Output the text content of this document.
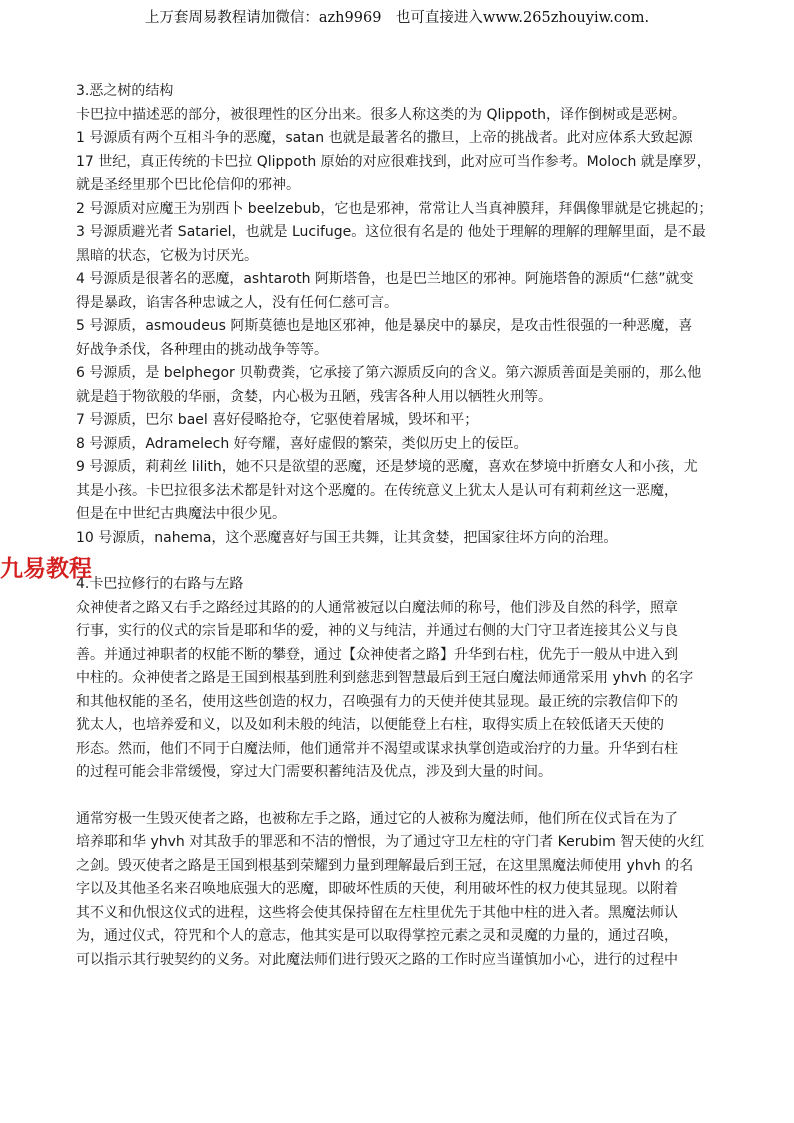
上万套周易教程请加微信：azh9969　也可直接进入www.265zhouyiw.com.
3.恶之树的结构
卡巴拉中描述恶的部分，被很理性的区分出来。很多人称这类的为 Qlippoth，译作倒树或是恶树。
1 号源质有两个互相斗争的恶魔，satan 也就是最著名的撒旦，上帝的挑战者。此对应体系大致起源
17 世纪，真正传统的卡巴拉 Qlippoth 原始的对应很难找到，此对应可当作参考。Moloch 就是摩罗，
就是圣经里那个巴比伦信仰的邪神。
2 号源质对应魔王为别西卜 beelzebub，它也是邪神，常常让人当真神膜拜，拜偶像罪就是它挑起的；
3 号源质避光者 Satariel，也就是 Lucifuge。这位很有名是的 他处于理解的理解的理解里面，是不最
黑暗的状态，它极为讨厌光。
4 号源质是很著名的恶魔，ashtaroth 阿斯塔鲁，也是巴兰地区的邪神。阿施塔鲁的源质“仁慈”就变
得是暴政，谄害各种忠诚之人，没有任何仁慈可言。
5 号源质，asmoudeus 阿斯莫德也是地区邪神，他是暴戾中的暴戾，是攻击性很强的一种恶魔，喜
好战争杀伐，各种理由的挑动战争等等。
6 号源质，是 belphegor 贝勒费粪，它承接了第六源质反向的含义。第六源质善面是美丽的，那么他
就是趋于物欲般的华丽，贪婪，内心极为丑陋，残害各种人用以牺牲火刑等。
7 号源质，巴尔 bael 喜好侵略抢夺，它驱使着屠城，毁坏和平；
8 号源质，Adramelech 好夸耀，喜好虚假的繁荣，类似历史上的佞臣。
9 号源质，莉莉丝 lilith，她不只是欲望的恶魔，还是梦境的恶魔，喜欢在梦境中折磨女人和小孩，尤
其是小孩。卡巴拉很多法术都是针对这个恶魔的。在传统意义上犹太人是认可有莉莉丝这一恶魔，
但是在中世纪古典魔法中很少见。
10 号源质，nahema，这个恶魔喜好与国王共舞，让其贪婪，把国家往坏方向的治理。
4.卡巴拉修行的右路与左路
众神使者之路又右手之路经过其路的的人通常被冠以白魔法师的称号，他们涉及自然的科学，照章
行事，实行的仪式的宗旨是耶和华的爱，神的义与纯洁，并通过右侧的大门守卫者连接其公义与良
善。并通过神职者的权能不断的攀登，通过【众神使者之路】升华到右柱，优先于一般从中进入到
中柱的。众神使者之路是王国到根基到胜利到慈悲到智慧最后到王冠白魔法师通常采用 yhvh 的名字
和其他权能的圣名，使用这些创造的权力，召唤强有力的天使并使其显现。最正统的宗教信仰下的
犹太人，也培养爱和义，以及如利未般的纯洁，以便能登上右柱，取得实质上在较低诸天天使的
形态。然而，他们不同于白魔法师，他们通常并不渴望或谋求执掌创造或治疗的力量。升华到右柱
的过程可能会非常缓慢，穿过大门需要积蓄纯洁及优点，涉及到大量的时间。
通常穷极一生毁灭使者之路，也被称左手之路，通过它的人被称为魔法师，他们所在仪式旨在为了
培养耶和华 yhvh 对其敌手的罪恶和不洁的憎恨，为了通过守卫左柱的守门者 Kerubim 智天使的火红
之剑。毁灭使者之路是王国到根基到荣耀到力量到理解最后到王冠，在这里黑魔法师使用 yhvh 的名
字以及其他圣名来召唤地底强大的恶魔，即破坏性质的天使，利用破坏性的权力使其显现。以附着
其不义和仇恨这仪式的进程，这些将会使其保持留在左柱里优先于其他中柱的进入者。黑魔法师认
为，通过仪式，符咒和个人的意志，他其实是可以取得掌控元素之灵和灵魔的力量的，通过召唤，
可以指示其行驶契约的义务。对此魔法师们进行毁灭之路的工作时应当谨慎加小心，进行的过程中
九易教程
